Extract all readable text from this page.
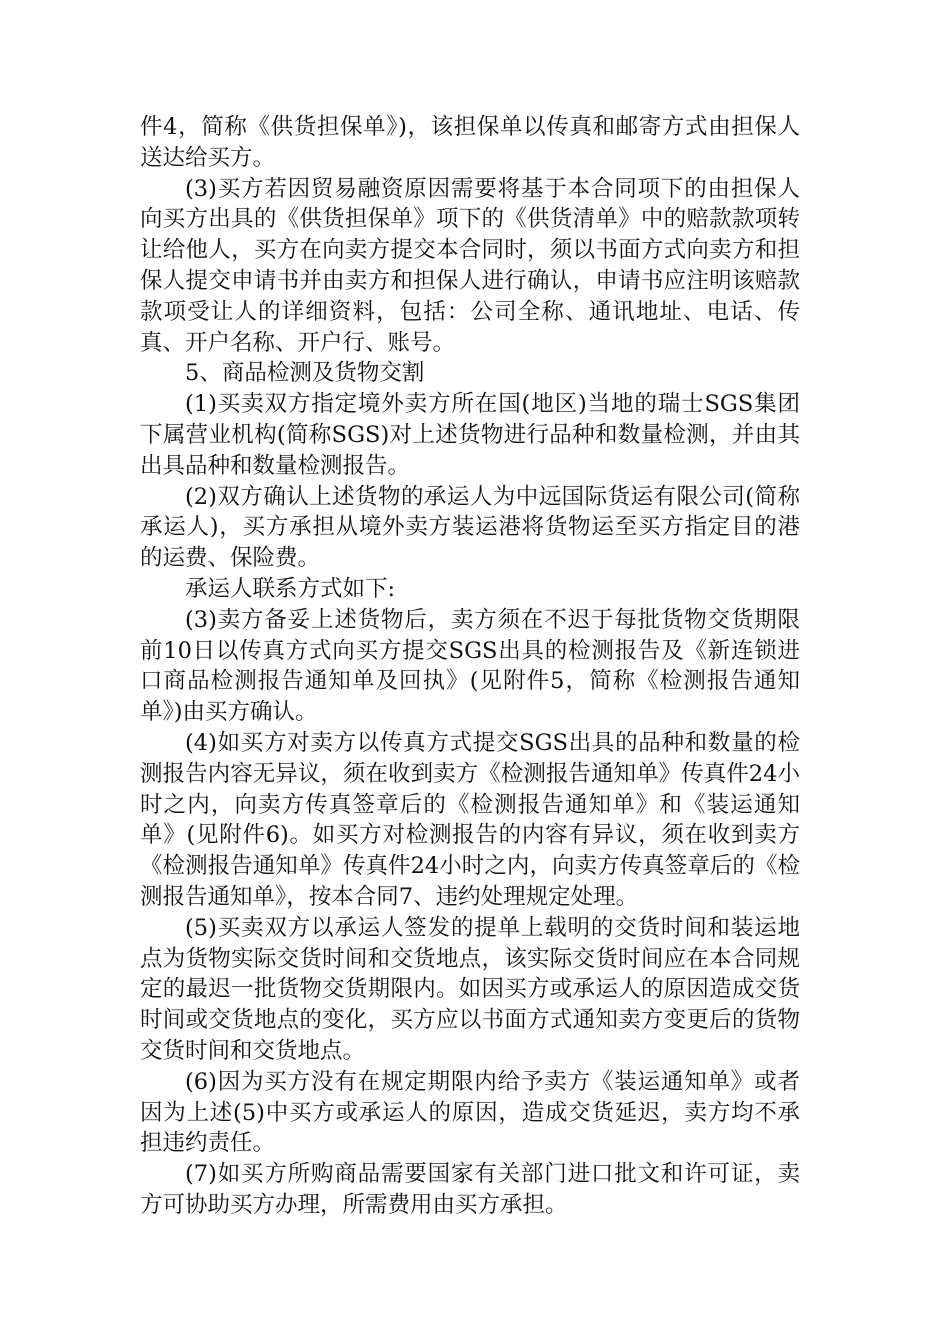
件4，简称《供货担保单》)，该担保单以传真和邮寄方式由担保人送达给买方。

(3)买方若因贸易融资原因需要将基于本合同项下的由担保人向买方出具的《供货担保单》项下的《供货清单》中的赔款款项转让给他人，买方在向卖方提交本合同时，须以书面方式向卖方和担保人提交申请书并由卖方和担保人进行确认，申请书应注明该赔款款项受让人的详细资料，包括：公司全称、通讯地址、电话、传真、开户名称、开户行、账号。

5、商品检测及货物交割

(1)买卖双方指定境外卖方所在国(地区)当地的瑞士SGS集团下属营业机构(简称SGS)对上述货物进行品种和数量检测，并由其出具品种和数量检测报告。

(2)双方确认上述货物的承运人为中远国际货运有限公司(简称承运人)，买方承担从境外卖方装运港将货物运至买方指定目的港的运费、保险费。

承运人联系方式如下:

(3)卖方备妥上述货物后，卖方须在不迟于每批货物交货期限前10日以传真方式向买方提交SGS出具的检测报告及《新连锁进口商品检测报告通知单及回执》(见附件5，简称《检测报告通知单》)由买方确认。

(4)如买方对卖方以传真方式提交SGS出具的品种和数量的检测报告内容无异议，须在收到卖方《检测报告通知单》传真件24小时之内，向卖方传真签章后的《检测报告通知单》和《装运通知单》(见附件6)。如买方对检测报告的内容有异议，须在收到卖方《检测报告通知单》传真件24小时之内，向卖方传真签章后的《检测报告通知单》，按本合同7、违约处理规定处理。

(5)买卖双方以承运人签发的提单上载明的交货时间和装运地点为货物实际交货时间和交货地点，该实际交货时间应在本合同规定的最迟一批货物交货期限内。如因买方或承运人的原因造成交货时间或交货地点的变化，买方应以书面方式通知卖方变更后的货物交货时间和交货地点。

(6)因为买方没有在规定期限内给予卖方《装运通知单》或者因为上述(5)中买方或承运人的原因，造成交货延迟，卖方均不承担违约责任。

(7)如买方所购商品需要国家有关部门进口批文和许可证，卖方可协助买方办理，所需费用由买方承担。
